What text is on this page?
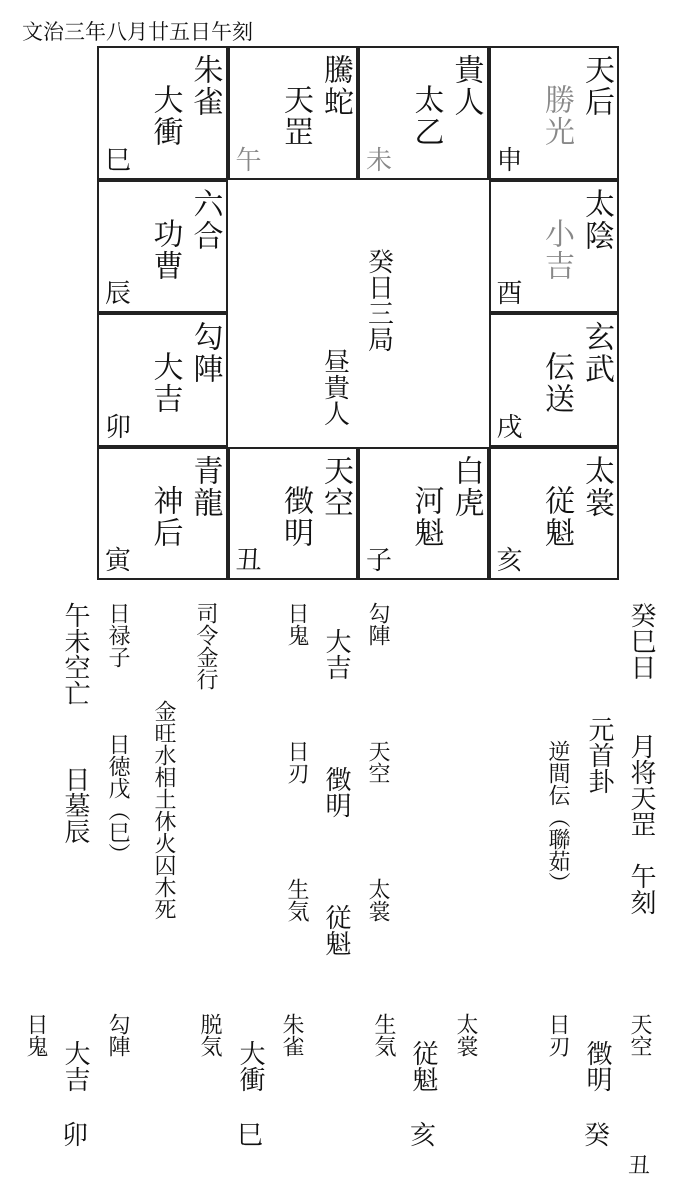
文治三年八月廿五日午刻
朱雀
大衝
巳
騰蛇
天罡
午
貴人
太乙
未
天后
勝光
申
六合
功曹
辰
太陰
小吉
酉
勾陣
大吉
卯
玄武
伝送
戌
青龍
神后
寅
天空
徴明
丑
白虎
河魁
子
太裳
従魁
亥
癸日三局
昼貴人
癸巳日
月将天罡　午刻
元首卦
逆間伝（聯茹）
勾陣
天空
太裳
大吉
徴明
従魁
日鬼
日刃
生気
司令金行
金旺水相土休火囚木死
日禄子
日徳戊（巳）
午未空亡
日墓辰
天空
徴明
日刃
癸
丑
太裳
従魁
生気
亥
朱雀
大衝
脱気
巳
勾陣
大吉
日鬼
卯
